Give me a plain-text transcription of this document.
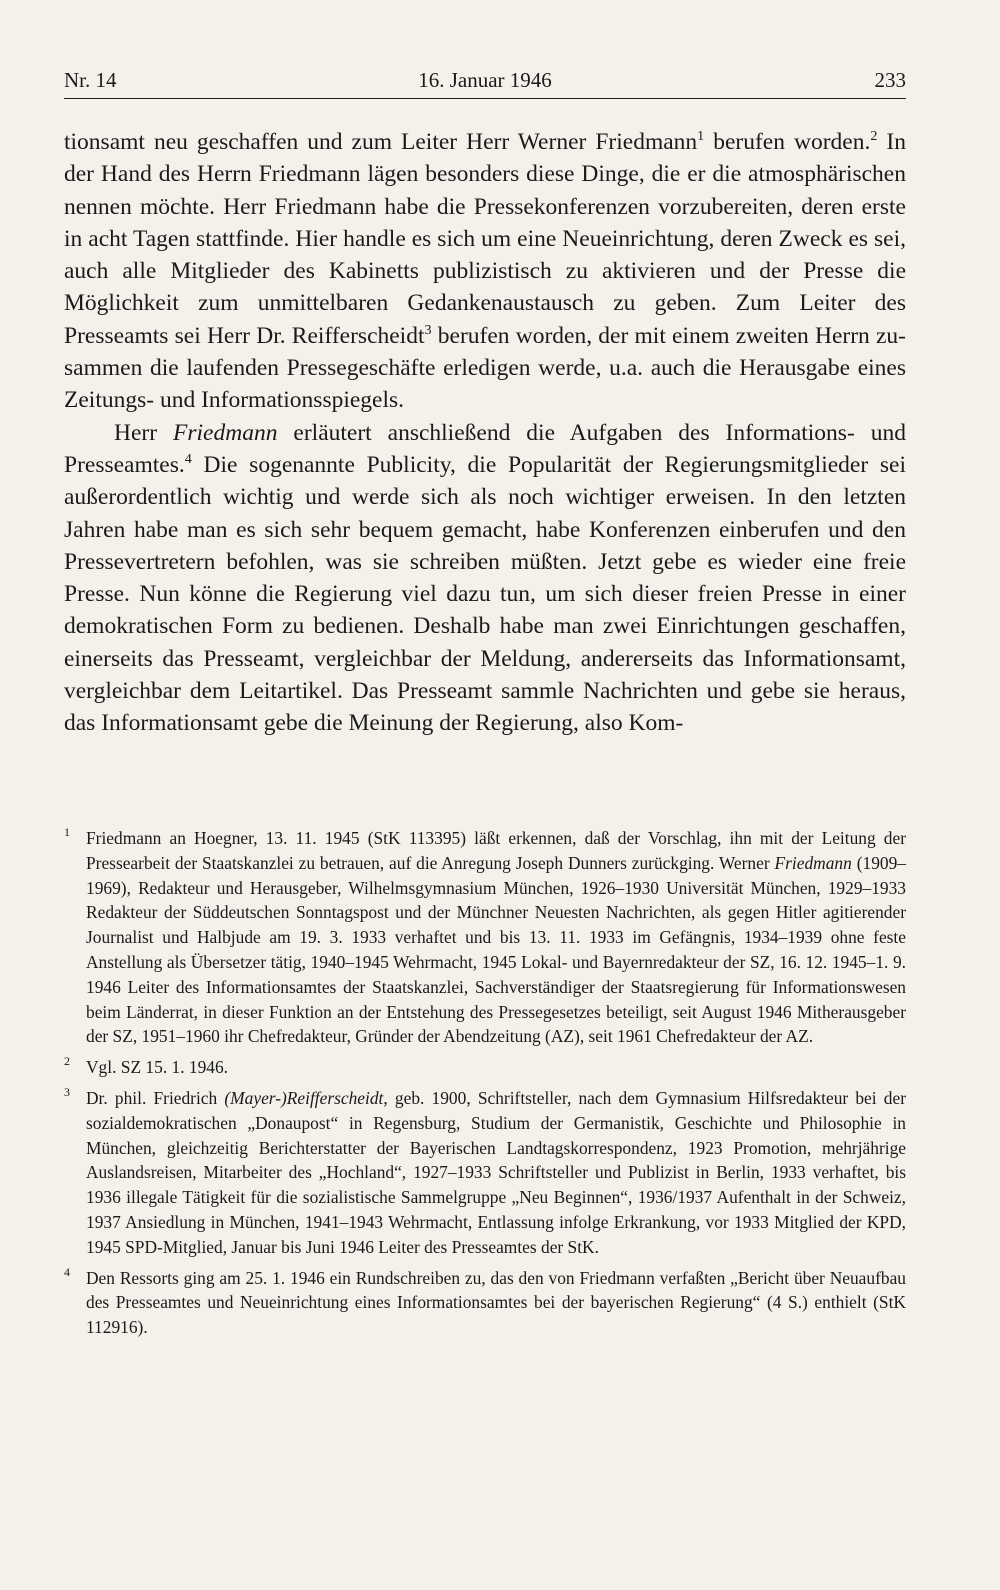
Nr. 14	16. Januar 1946	233

tionsamt neu geschaffen und zum Leiter Herr Werner Friedmann$^1$ berufen worden.$^2$ In der Hand des Herrn Friedmann lägen besonders diese Dinge, die er die atmosphärischen nennen möchte. Herr Friedmann habe die Pressekonferenzen vorzubereiten, deren erste in acht Tagen stattfinde. Hier handle es sich um eine Neueinrichtung, deren Zweck es sei, auch alle Mitglieder des Kabinetts publizistisch zu aktivieren und der Presse die Möglichkeit zum unmittelbaren Gedankenaustausch zu geben. Zum Leiter des Presseamts sei Herr Dr. Reifferscheidt$^3$ berufen worden, der mit einem zweiten Herrn zusammen die laufenden Pressegeschäfte erledigen werde, u.a. auch die Herausgabe eines Zeitungs- und Informationsspiegels.

Herr Friedmann erläutert anschließend die Aufgaben des Informations- und Presseamtes.$^4$ Die sogenannte Publicity, die Popularität der Regierungsmitglieder sei außerordentlich wichtig und werde sich als noch wichtiger erweisen. In den letzten Jahren habe man es sich sehr bequem gemacht, habe Konferenzen einberufen und den Pressevertretern befohlen, was sie schreiben müßten. Jetzt gebe es wieder eine freie Presse. Nun könne die Regierung viel dazu tun, um sich dieser freien Presse in einer demokratischen Form zu bedienen. Deshalb habe man zwei Einrichtungen geschaffen, einerseits das Presseamt, vergleichbar der Meldung, andererseits das Informationsamt, vergleichbar dem Leitartikel. Das Presseamt sammle Nachrichten und gebe sie heraus, das Informationsamt gebe die Meinung der Regierung, also Kom-

1 Friedmann an Hoegner, 13. 11. 1945 (StK 113395) läßt erkennen, daß der Vorschlag, ihn mit der Leitung der Pressearbeit der Staatskanzlei zu betrauen, auf die Anregung Joseph Dunners zurückging. Werner Friedmann (1909–1969), Redakteur und Herausgeber, Wilhelmsgymnasium München, 1926–1930 Universität München, 1929–1933 Redakteur der Süddeutschen Sonntagspost und der Münchner Neuesten Nachrichten, als gegen Hitler agitierender Journalist und Halbjude am 19. 3. 1933 verhaftet und bis 13. 11. 1933 im Gefängnis, 1934–1939 ohne feste Anstellung als Übersetzer tätig, 1940–1945 Wehrmacht, 1945 Lokal- und Bayernredakteur der SZ, 16. 12. 1945–1. 9. 1946 Leiter des Informationsamtes der Staatskanzlei, Sachverständiger der Staatsregierung für Informationswesen beim Länderrat, in dieser Funktion an der Entstehung des Pressegesetzes beteiligt, seit August 1946 Mitherausgeber der SZ, 1951–1960 ihr Chefredakteur, Gründer der Abendzeitung (AZ), seit 1961 Chefredakteur der AZ.
2 Vgl. SZ 15. 1. 1946.
3 Dr. phil. Friedrich (Mayer-)Reifferscheidt, geb. 1900, Schriftsteller, nach dem Gymnasium Hilfsredakteur bei der sozialdemokratischen „Donaupost“ in Regensburg, Studium der Germanistik, Geschichte und Philosophie in München, gleichzeitig Berichterstatter der Bayerischen Landtagskorrespondenz, 1923 Promotion, mehrjährige Auslandsreisen, Mitarbeiter des „Hochland“, 1927–1933 Schriftsteller und Publizist in Berlin, 1933 verhaftet, bis 1936 illegale Tätigkeit für die sozialistische Sammelgruppe „Neu Beginnen“, 1936/1937 Aufenthalt in der Schweiz, 1937 Ansiedlung in München, 1941–1943 Wehrmacht, Entlassung infolge Erkrankung, vor 1933 Mitglied der KPD, 1945 SPD-Mitglied, Januar bis Juni 1946 Leiter des Presseamtes der StK.
4 Den Ressorts ging am 25. 1. 1946 ein Rundschreiben zu, das den von Friedmann verfaßten „Bericht über Neuaufbau des Presseamtes und Neueinrichtung eines Informationsamtes bei der bayerischen Regierung“ (4 S.) enthielt (StK 112916).
